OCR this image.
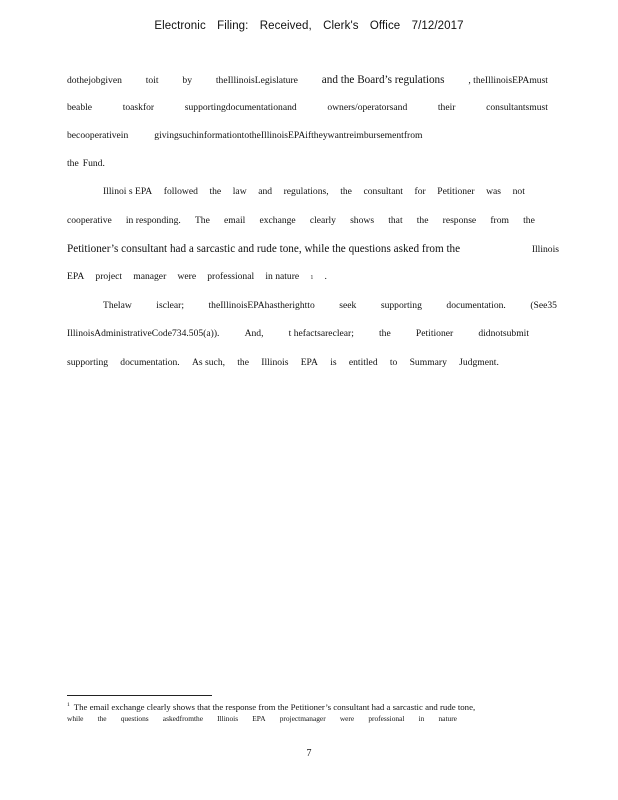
Electronic Filing: Received, Clerk's Office 7/12/2017
dothejobgiven toit by theIllinoisLegislature and the Board’s regulations , theIllinoisEPAmust
beable	toaskfor	supportingdocumentationand	owners/operatorsand	their	consultantsmust
becooperativein	givingsuchinformationtotheIllinoisEPAiftheywantreimbursementfrom
the Fund.
Illinoi s EPA followed the law and regulations, the consultant for Petitioner was not
cooperative in responding. The email exchange clearly shows that the response from the
Petitioner’s consultant had a sarcastic and rude tone, while the questions asked from the	Illinois
EPA project manager were professional in nature 1 .
Thelaw	isclear;	theIllinoisEPAhastherightto	seek	supporting	documentation.	(See35
IllinoisAdministrativeCode734.505(a)).	And,	t hefactsareclear;	the	Petitioner	didnotsubmit
supporting documentation. As such, the Illinois EPA is entitled to Summary Judgment.
$^1$ The email exchange clearly shows that the response from the Petitioner’s consultant had a sarcastic and rude tone,
while the questions askedfromthe Illinois EPA projectmanager were professional in nature
7
